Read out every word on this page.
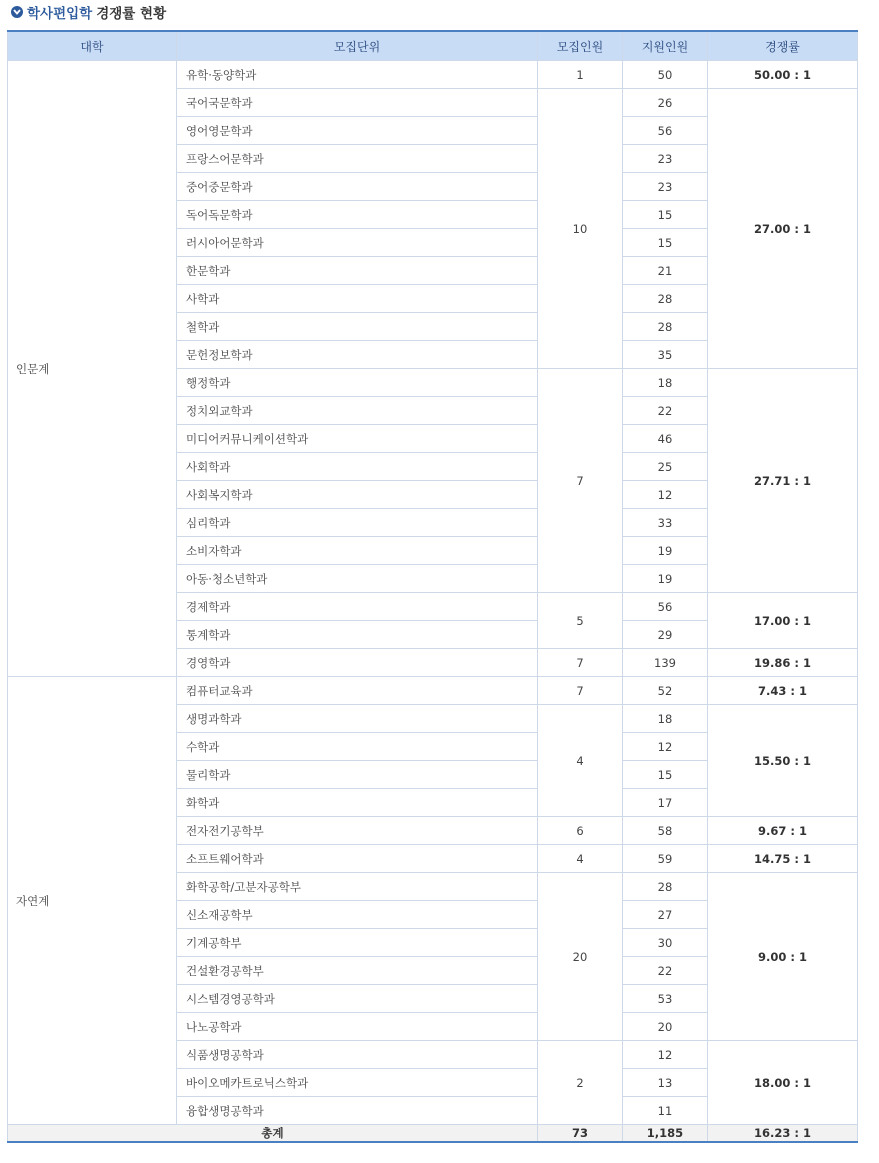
학사편입학 경쟁률 현황
대학	모집단위	모집인원	지원인원	경쟁률
인문계	유학·동양학과	1	50	50.00 : 1
	국어국문학과	10	26	27.00 : 1
	영어영문학과		56	
	프랑스어문학과		23	
	중어중문학과		23	
	독어독문학과		15	
	러시아어문학과		15	
	한문학과		21	
	사학과		28	
	철학과		28	
	문헌정보학과		35	
	행정학과	7	18	27.71 : 1
	정치외교학과		22	
	미디어커뮤니케이션학과		46	
	사회학과		25	
	사회복지학과		12	
	심리학과		33	
	소비자학과		19	
	아동·청소년학과		19	
	경제학과	5	56	17.00 : 1
	통계학과		29	
	경영학과	7	139	19.86 : 1
자연계	컴퓨터교육과	7	52	7.43 : 1
	생명과학과	4	18	15.50 : 1
	수학과		12	
	물리학과		15	
	화학과		17	
	전자전기공학부	6	58	9.67 : 1
	소프트웨어학과	4	59	14.75 : 1
	화학공학/고분자공학부	20	28	9.00 : 1
	신소재공학부		27	
	기계공학부		30	
	건설환경공학부		22	
	시스템경영공학과		53	
	나노공학과		20	
	식품생명공학과	2	12	18.00 : 1
	바이오메카트로닉스학과		13	
	융합생명공학과		11	
총계		73	1,185	16.23 : 1
